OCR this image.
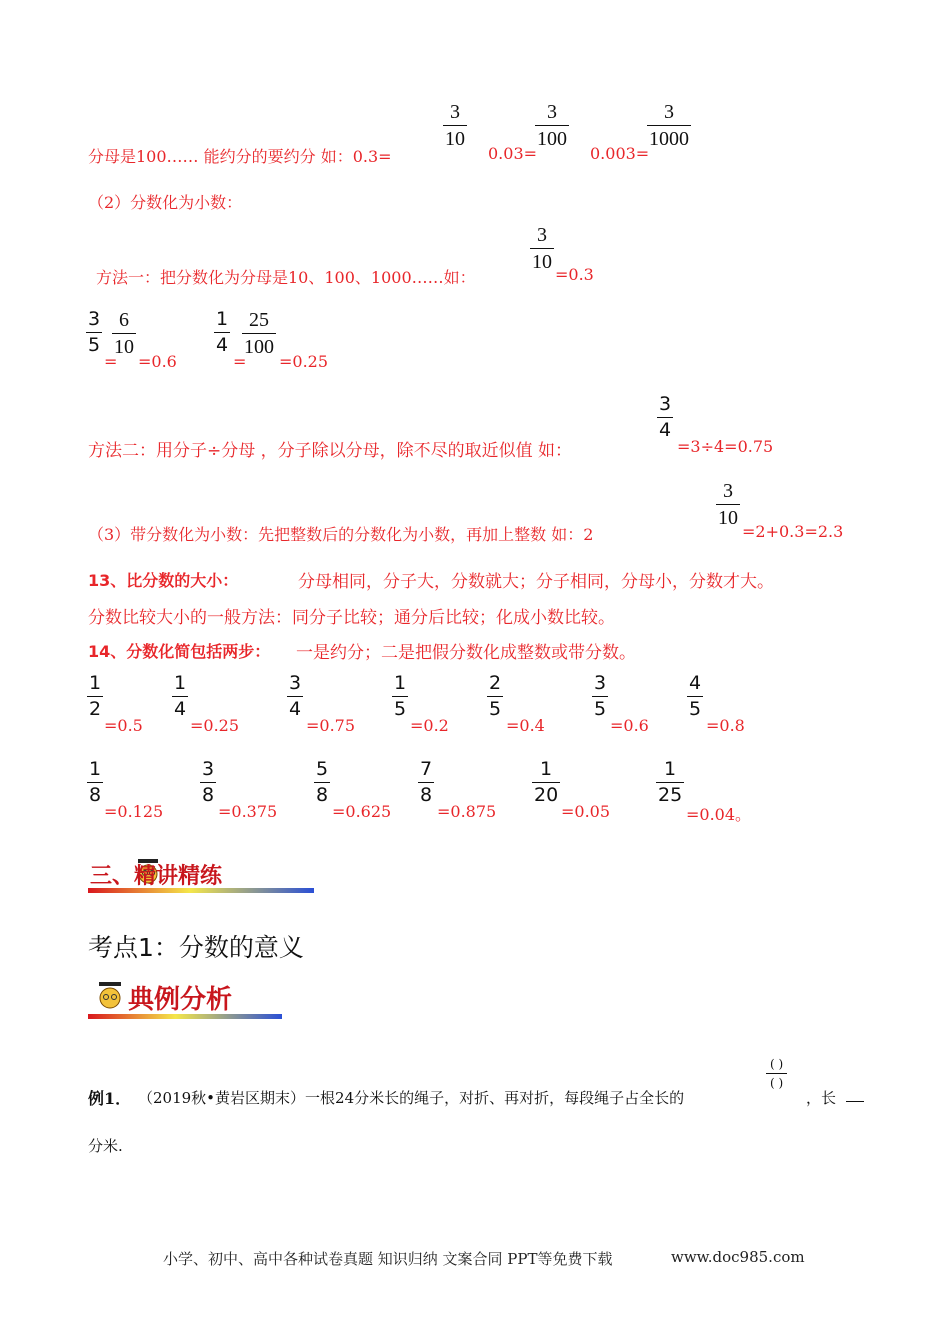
分母是100…… 能约分的要约分 如：0.3=
3
10
0.03=
3
100
0.003=
3
1000
（2）分数化为小数：
方法一：把分数化为分母是10、100、1000……如：
3
10
=0.3
3
5
6
10
= =0.6
1
4
25
100
= =0.25
方法二：用分子÷分母 ，分子除以分母，除不尽的取近似值 如：
3
4
=3÷4=0.75
（3）带分数化为小数：先把整数后的分数化为小数，再加上整数 如：2
3
10
=2+0.3=2.3
13、比分数的大小：	分母相同，分子大，分数就大；分子相同，分母小，分数才大。
分数比较大小的一般方法：同分子比较；通分后比较；化成小数比较。
14、分数化简包括两步： 一是约分；二是把假分数化成整数或带分数。
1
2
=0.5
1
4
=0.25
3
4
=0.75
1
5
=0.2
2
5
=0.4
3
5
=0.6
4
5
=0.8
1
8
=0.125
3
8
=0.375
5
8
=0.625
7
8
=0.875
1
20
=0.05
1
25
=0.04。
三、精讲精练
考点1：分数的意义
典例分析
例1． （2019秋•黄岩区期末）一根24分米长的绳子，对折、再对折，每段绳子占全长的
( )
( )
，长
分米.
小学、初中、高中各种试卷真题 知识归纳 文案合同 PPT等免费下载	www.doc985.com
